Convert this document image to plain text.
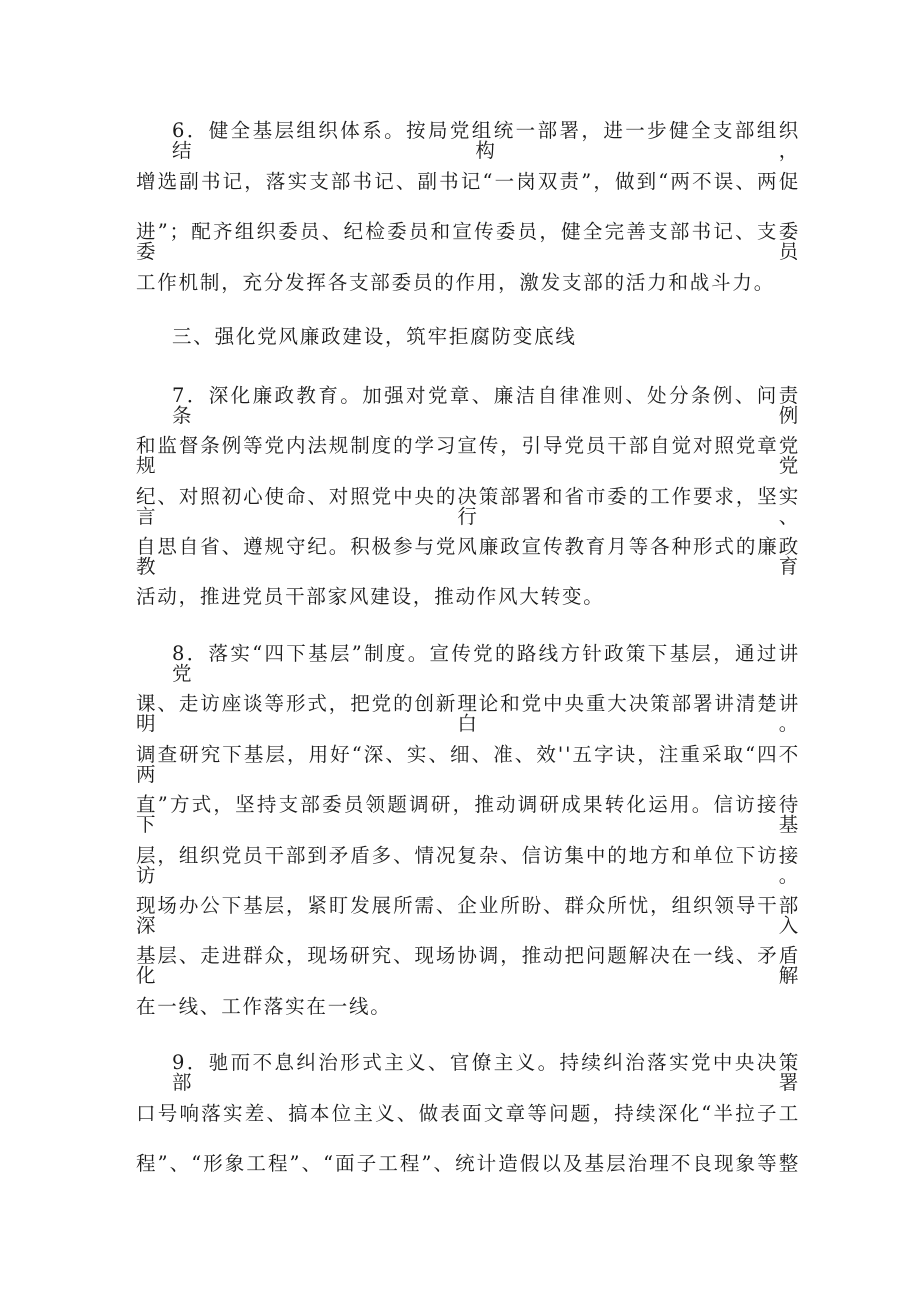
6．健全基层组织体系。按局党组统一部署，进一步健全支部组织结构，
增选副书记，落实支部书记、副书记“一岗双责”，做到“两不误、两促
进”；配齐组织委员、纪检委员和宣传委员，健全完善支部书记、支委委员
工作机制，充分发挥各支部委员的作用，激发支部的活力和战斗力。
三、强化党风廉政建设，筑牢拒腐防变底线
7．深化廉政教育。加强对党章、廉洁自律准则、处分条例、问责条例
和监督条例等党内法规制度的学习宣传，引导党员干部自觉对照党章党规党
纪、对照初心使命、对照党中央的决策部署和省市委的工作要求，坚实言行、
自思自省、遵规守纪。积极参与党风廉政宣传教育月等各种形式的廉政教育
活动，推进党员干部家风建设，推动作风大转变。
8．落实“四下基层”制度。宣传党的路线方针政策下基层，通过讲党
课、走访座谈等形式，把党的创新理论和党中央重大决策部署讲清楚讲明白。
调查研究下基层，用好“深、实、细、准、效''五字诀，注重采取“四不两
直”方式，坚持支部委员领题调研，推动调研成果转化运用。信访接待下基
层，组织党员干部到矛盾多、情况复杂、信访集中的地方和单位下访接访。
现场办公下基层，紧盯发展所需、企业所盼、群众所忧，组织领导干部深入
基层、走进群众，现场研究、现场协调，推动把问题解决在一线、矛盾化解
在一线、工作落实在一线。
9．驰而不息纠治形式主义、官僚主义。持续纠治落实党中央决策部署
口号响落实差、搞本位主义、做表面文章等问题，持续深化“半拉子工
程”、“形象工程”、“面子工程”、统计造假以及基层治理不良现象等整
